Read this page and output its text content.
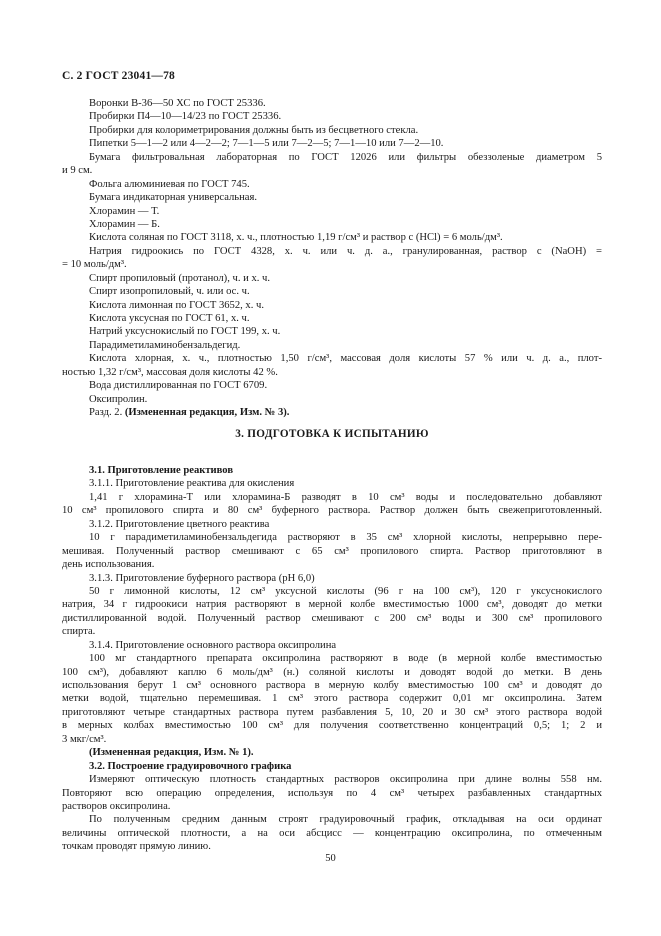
С. 2 ГОСТ 23041—78
Воронки В-36—50 ХС по ГОСТ 25336.
Пробирки П4—10—14/23 по ГОСТ 25336.
Пробирки для колориметрирования должны быть из бесцветного стекла.
Пипетки 5—1—2 или 4—2—2; 7—1—5 или 7—2—5; 7—1—10 или 7—2—10.
Бумага фильтровальная лабораторная по ГОСТ 12026 или фильтры обеззоленые диаметром 5
и 9 см.
Фольга алюминиевая по ГОСТ 745.
Бумага индикаторная универсальная.
Хлорамин — Т.
Хлорамин — Б.
Кислота соляная по ГОСТ 3118, х. ч., плотностью 1,19 г/см³ и раствор c (HCl) = 6 моль/дм³.
Натрия гидроокись по ГОСТ 4328, х. ч. или ч. д. а., гранулированная, раствор c (NaOH) =
= 10 моль/дм³.
Спирт пропиловый (протанол), ч. и х. ч.
Спирт изопропиловый, ч. или ос. ч.
Кислота лимонная по ГОСТ 3652, х. ч.
Кислота уксусная по ГОСТ 61, х. ч.
Натрий уксуснокислый по ГОСТ 199, х. ч.
Парадиметиламинобензальдегид.
Кислота хлорная, х. ч., плотностью 1,50 г/см³, массовая доля кислоты 57 % или ч. д. а., плот-
ностью 1,32 г/см³, массовая доля кислоты 42 %.
Вода дистиллированная по ГОСТ 6709.
Оксипролин.
Разд. 2. (Измененная редакция, Изм. № 3).
3. ПОДГОТОВКА К ИСПЫТАНИЮ
3.1. Приготовление реактивов
3.1.1. Приготовление реактива для окисления
1,41 г хлорамина-Т или хлорамина-Б разводят в 10 см³ воды и последовательно добавляют
10 см³ пропилового спирта и 80 см³ буферного раствора. Раствор должен быть свежеприготовленный.
3.1.2. Приготовление цветного реактива
10 г парадиметиламинобензальдегида растворяют в 35 см³ хлорной кислоты, непрерывно пере-
мешивая. Полученный раствор смешивают с 65 см³ пропилового спирта. Раствор приготовляют в
день использования.
3.1.3. Приготовление буферного раствора (рН 6,0)
50 г лимонной кислоты, 12 см³ уксусной кислоты (96 г на 100 см³), 120 г уксуснокислого
натрия, 34 г гидроокиси натрия растворяют в мерной колбе вместимостью 1000 см³, доводят до метки
дистиллированной водой. Полученный раствор смешивают с 200 см³ воды и 300 см³ пропилового
спирта.
3.1.4. Приготовление основного раствора оксипролина
100 мг стандартного препарата оксипролина растворяют в воде (в мерной колбе вместимостью
100 см³), добавляют каплю 6 моль/дм³ (н.) соляной кислоты и доводят водой до метки. В день
использования берут 1 см³ основного раствора в мерную колбу вместимостью 100 см³ и доводят до
метки водой, тщательно перемешивая. 1 см³ этого раствора содержит 0,01 мг оксипролина. Затем
приготовляют четыре стандартных раствора путем разбавления 5, 10, 20 и 30 см³ этого раствора водой
в мерных колбах вместимостью 100 см³ для получения соответственно концентраций 0,5; 1; 2 и
3 мкг/см³.
(Измененная редакция, Изм. № 1).
3.2. Построение градуировочного графика
Измеряют оптическую плотность стандартных растворов оксипролина при длине волны 558 нм.
Повторяют всю операцию определения, используя по 4 см³ четырех разбавленных стандартных
растворов оксипролина.
По полученным средним данным строят градуировочный график, откладывая на оси ординат
величины оптической плотности, а на оси абсцисс — концентрацию оксипролина, по отмеченным
точкам проводят прямую линию.
50
